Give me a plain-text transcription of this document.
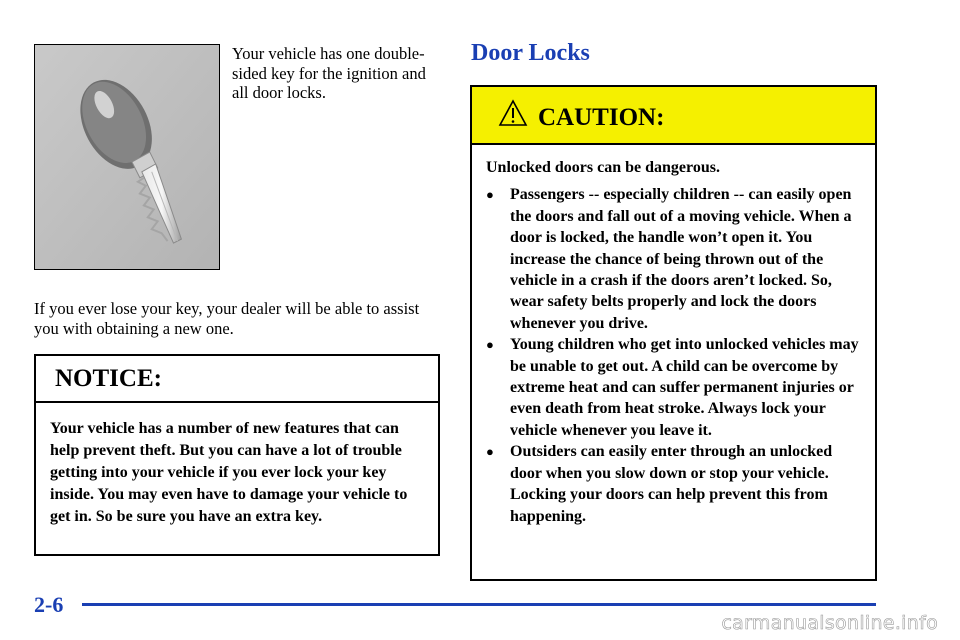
Your vehicle has one double-sided key for the ignition and all door locks.
If you ever lose your key, your dealer will be able to assist you with obtaining a new one.
NOTICE:
Your vehicle has a number of new features that can help prevent theft. But you can have a lot of trouble getting into your vehicle if you ever lock your key inside. You may even have to damage your vehicle to get in. So be sure you have an extra key.
Door Locks
CAUTION:

Unlocked doors can be dangerous.

●	Passengers -- especially children -- can easily open the doors and fall out of a moving vehicle. When a door is locked, the handle won’t open it. You increase the chance of being thrown out of the vehicle in a crash if the doors aren’t locked. So, wear safety belts properly and lock the doors whenever you drive.
●	Young children who get into unlocked vehicles may be unable to get out. A child can be overcome by extreme heat and can suffer permanent injuries or even death from heat stroke. Always lock your vehicle whenever you leave it.
●	Outsiders can easily enter through an unlocked door when you slow down or stop your vehicle. Locking your doors can help prevent this from happening.
2-6
carmanualsonline.info
